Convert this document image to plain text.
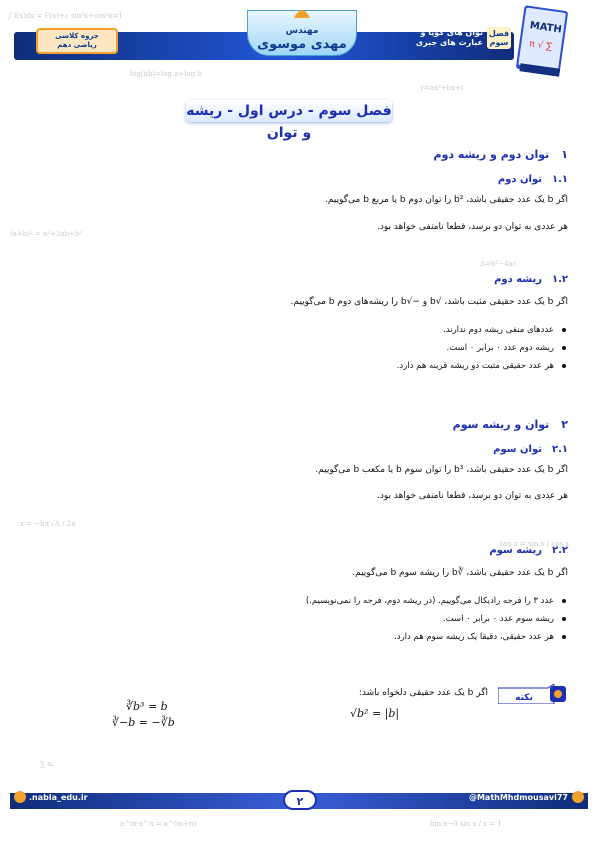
∫ f(x)dx = F(x)+c sin²x+cos²x=1
log(ab)=log a+log b
y=ax²+bx+c
(a+b)² = a²+2ab+b²
Δ=b²−4ac
x = −b±√Δ / 2a
tan x = sin x / cos x
∑ aₙ
lim x→0 sin x / x = 1
a^m·a^n = a^(m+n)
جزوه کلاسی
ریاضی دهم
مهندس
مهدی موسوی
فصل
سوم
توان های گویا و
عبارت های جبری
MATH
π √ ∑
فصل سوم - درس اول - ریشه و توان
۱توان دوم و ریشه دوم
۱.۱توان دوم
اگر b یک عدد حقیقی باشد، b² را توان دوم b یا مربع b می‌گوییم.
هر عددی به توان دو برسد، قطعا نامنفی خواهد بود.
۱.۲ریشه دوم
اگر b یک عدد حقیقی مثبت باشد، √b و −√b را ریشه‌های دوم b می‌گوییم.
عددهای منفی ریشه دوم ندارند.
ریشه دوم عدد ۰ برابر ۰ است.
هر عدد حقیقی مثبت دو ریشه قرینه هم دارد.
۲توان و ریشه سوم
۲.۱توان سوم
اگر b یک عدد حقیقی باشد، b³ را توان سوم b یا مکعب b می‌گوییم.
هر عددی به توان دو برسد، قطعا نامنفی خواهد بود.
۲.۲ریشه سوم
اگر b یک عدد حقیقی باشد، ∛b را ریشه سوم b می‌گوییم.
عدد ۳ را فرجه رادیکال می‌گوییم. (در ریشه دوم، فرجه را نمی‌نویسیم.)
ریشه سوم عدد ۰ برابر ۰ است.
هر عدد حقیقی، دقیقا یک ریشه سوم هم دارد.
نکته
اگر b یک عدد حقیقی دلخواه باشد:
√b² = |b|
∛b³ = b
∛−b = −∛b
.nabla_edu.ir	۲	@MathMhdmousavi77
